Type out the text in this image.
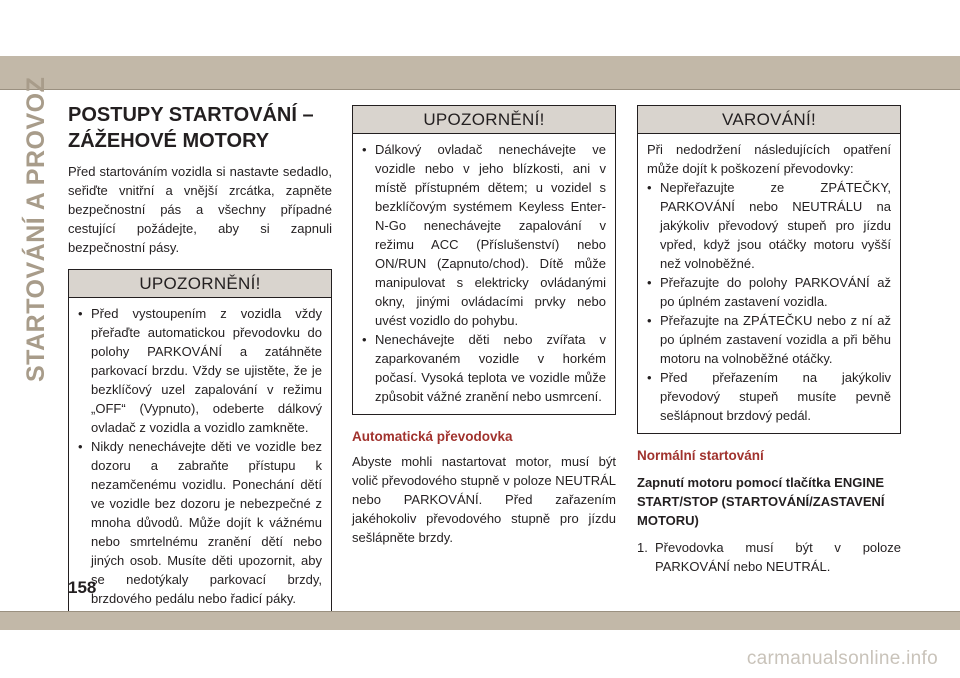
STARTOVÁNÍ A PROVOZ POSTUPY STARTOVÁNÍ –
ZÁŽEHOVÉ MOTORY

Před startováním vozidla si nastavte sedadlo, seřiďte vnitřní a vnější zrcátka, zapněte bezpečnostní pás a všechny případné cestující požádejte, aby si zapnuli bezpečnostní pásy.

UPOZORNĚNÍ!
• Před vystoupením z vozidla vždy přeřaďte automatickou převodovku do polohy PARKOVÁNÍ a zatáhněte parkovací brzdu. Vždy se ujistěte, že je bezklíčový uzel zapalování v režimu „OFF“ (Vypnuto), odeberte dálkový ovladač z vozidla a vozidlo zamkněte.
• Nikdy nenechávejte děti ve vozidle bez dozoru a zabraňte přístupu k nezamčenému vozidlu. Ponechání dětí ve vozidle bez dozoru je nebezpečné z mnoha důvodů. Může dojít k vážnému nebo smrtelnému zranění dětí nebo jiných osob. Musíte děti upozornit, aby se nedotýkaly parkovací brzdy, brzdového pedálu nebo řadicí páky.
UPOZORNĚNÍ!
• Dálkový ovladač nenechávejte ve vozidle nebo v jeho blízkosti, ani v místě přístupném dětem; u vozidel s bezklíčovým systémem Keyless Enter-N-Go nenechávejte zapalování v režimu ACC (Příslušenství) nebo ON/RUN (Zapnuto/chod). Dítě může manipulovat s elektricky ovládanými okny, jinými ovládacími prvky nebo uvést vozidlo do pohybu.
• Nenechávejte děti nebo zvířata v zaparkovaném vozidle v horkém počasí. Vysoká teplota ve vozidle může způsobit vážné zranění nebo usmrcení.
Automatická převodovka

Abyste mohli nastartovat motor, musí být volič převodového stupně v poloze NEUTRÁL nebo PARKOVÁNÍ. Před zařazením jakéhokoliv převodového stupně pro jízdu sešlápněte brzdy.

VAROVÁNÍ!
Při nedodržení následujících opatření může dojít k poškození převodovky:
• Nepřeřazujte ze ZPÁTEČKY, PARKOVÁNÍ nebo NEUTRÁLU na jakýkoliv převodový stupeň pro jízdu vpřed, když jsou otáčky motoru vyšší než volnoběžné.
• Přeřazujte do polohy PARKOVÁNÍ až po úplném zastavení vozidla.
• Přeřazujte na ZPÁTEČKU nebo z ní až po úplném zastavení vozidla a při běhu motoru na volnoběžné otáčky.
• Před přeřazením na jakýkoliv převodový stupeň musíte pevně sešlápnout brzdový pedál.
Normální startování
Zapnutí motoru pomocí tlačítka ENGINE START/STOP (STARTOVÁNÍ/ZASTAVENÍ MOTORU)
1. Převodovka musí být v poloze PARKOVÁNÍ nebo NEUTRÁL.
158
carmanualsonline.info
